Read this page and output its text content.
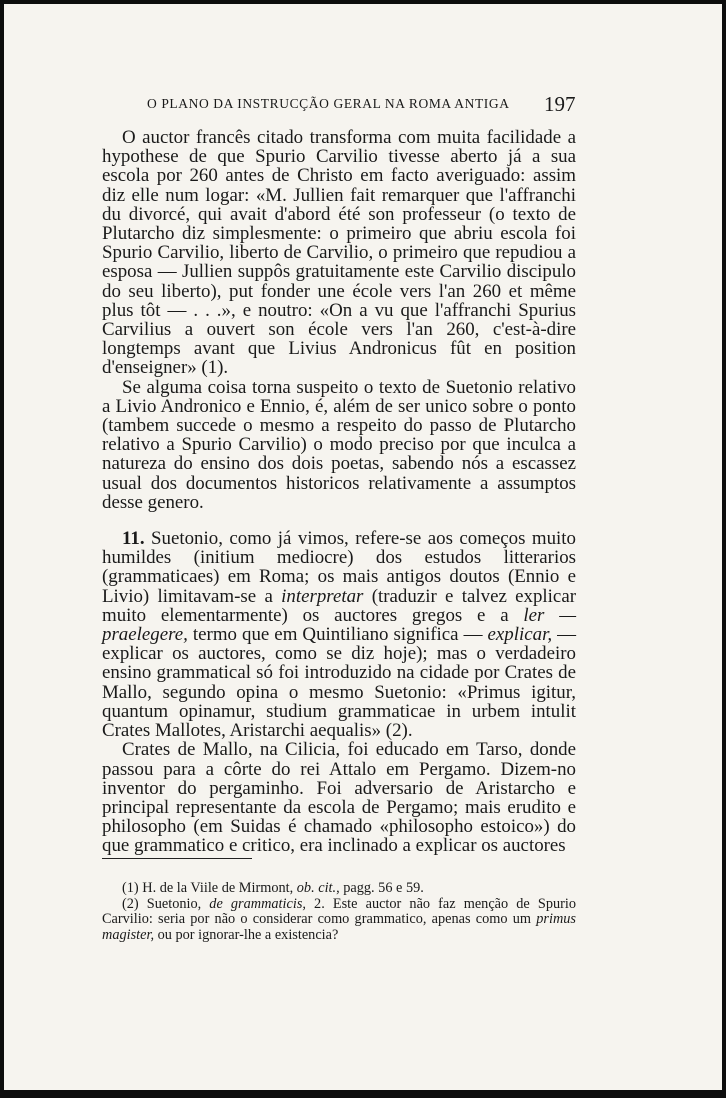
O PLANO DA INSTRUCÇÃO GERAL NA ROMA ANTIGA 197

O auctor francês citado transforma com muita facilidade a hypothese de que Spurio Carvilio tivesse aberto já a sua escola por 260 antes de Christo em facto averiguado: assim diz elle num logar: «M. Jullien fait remarquer que l'affranchi du divorcé, qui avait d'abord été son professeur (o texto de Plutarcho diz simplesmente: o primeiro que abriu escola foi Spurio Carvilio, liberto de Carvilio, o primeiro que repudiou a esposa — Jullien suppôs gratuitamente este Carvilio discipulo do seu liberto), put fonder une école vers l'an 260 et même plus tôt — . . .», e noutro: «On a vu que l'affranchi Spurius Carvilius a ouvert son école vers l'an 260, c'est-à-dire longtemps avant que Livius Andronicus fût en position d'enseigner» (1).

Se alguma coisa torna suspeito o texto de Suetonio relativo a Livio Andronico e Ennio, é, além de ser unico sobre o ponto (tambem succede o mesmo a respeito do passo de Plutarcho relativo a Spurio Carvilio) o modo preciso por que inculca a natureza do ensino dos dois poetas, sabendo nós a escassez usual dos documentos historicos relativamente a assumptos desse genero.

11. Suetonio, como já vimos, refere-se aos começos muito humildes (initium mediocre) dos estudos litterarios (grammaticaes) em Roma; os mais antigos doutos (Ennio e Livio) limitavam-se a interpretar (traduzir e talvez explicar muito elementarmente) os auctores gregos e a ler — praelegere, termo que em Quintiliano significa — explicar, — explicar os auctores, como se diz hoje); mas o verdadeiro ensino grammatical só foi introduzido na cidade por Crates de Mallo, segundo opina o mesmo Suetonio: «Primus igitur, quantum opinamur, studium grammaticae in urbem intulit Crates Mallotes, Aristarchi aequalis» (2).

Crates de Mallo, na Cilicia, foi educado em Tarso, donde passou para a côrte do rei Attalo em Pergamo. Dizem-no inventor do pergaminho. Foi adversario de Aristarcho e principal representante da escola de Pergamo; mais erudito e philosopho (em Suidas é chamado «philosopho estoico») do que grammatico e critico, era inclinado a explicar os auctores

(1) H. de la Viile de Mirmont, ob. cit., pagg. 56 e 59.

(2) Suetonio, de grammaticis, 2. Este auctor não faz menção de Spurio Carvilio: seria por não o considerar como grammatico, apenas como um primus magister, ou por ignorar-lhe a existencia?
